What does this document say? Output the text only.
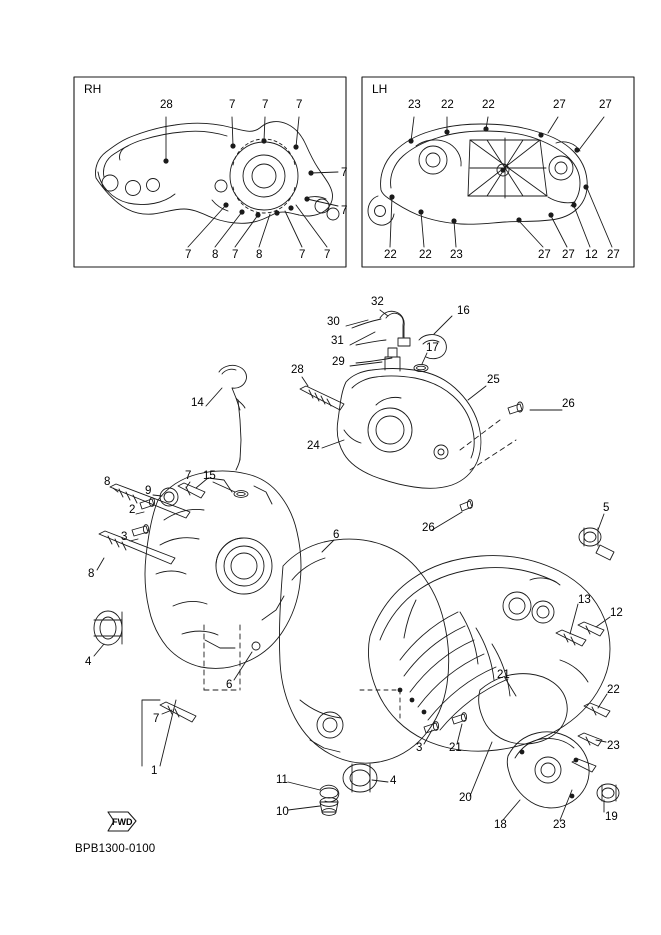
RH	LH
28	7 7 7
7
7
7 8 7 8	7 7
23 22 22	27	27
22 22 23	27 27 12 27
32
16
30
31
17
29
28
25
14	26
24
7
8
9
15
2
26
5
3	6
8
13
12
4
6
21
22
7
23
3 21
1
11	4
20
19
10
18	23
FWD
BPB1300-0100
